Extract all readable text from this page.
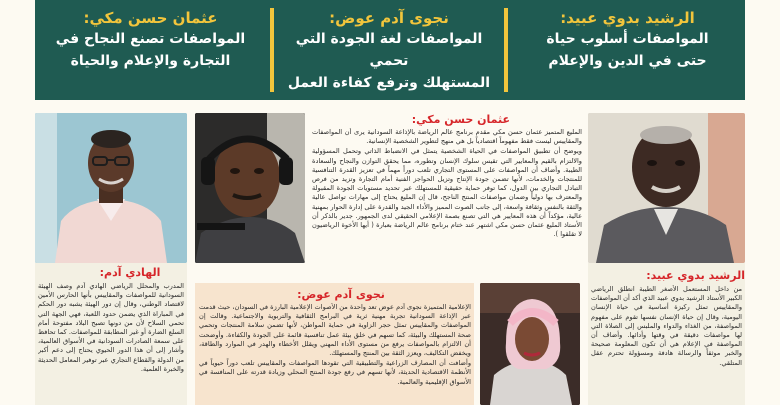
الرشيد بدوي عبيد:
المواصفات أسلوب حياة
حتى في الدين والإعلام
نجوى آدم عوض:
المواصفات لغة الجودة التي تحمي
المستهلك وترفع كفاءة العمل
عثمان حسن مكي:
المواصفات تصنع النجاح في
التجارة والإعلام والحياة
عثمان حسن مكي:

المليع المتميز عثمان حسن مكي مقدم برنامج عالم الرياضة بالإذاعة السودانية يرى أن المواصفات والمقاييس ليست فقط مفهوماً اقتصادياً بل هي منهج لتطوير الشخصية الإنسانية.

ويوضح أن تطبيق المواصفات في الحياة الشخصية يتمثل في الانضباط الذاتي وتحمل المسؤولية والالتزام بالقيم والمعايير التي تقيس سلوك الإنسان وتطوره، مما يحقق التوازن والنجاح والسعادة الطيبة. وأضاف أن المواصفات على المستوى التجاري تلعب دوراً مهماً في تعزيز القدرة التنافسية للمنتجات والخدمات، لأنها تضمن جودة الإنتاج وتزيل الحواجز الفنية أمام التجارة وتزيد من فرص التبادل التجاري بين الدول، كما توفر حماية حقيقية للمستهلك عبر تحديد مستويات الجودة المقبولة والمعترف بها دولياً وضمان مواصفات المنتج الناجح، قال إن المليع يحتاج إلى مهارات تواصل عالية والثقة بالنفس وثقافة واسعة، إلى جانب الصوت المميز والأداء الجيد والقدرة على إدارة الحوار بمهنية عالية، مؤكداً أن هذه المعايير هي التي تصنع بصمة الإعلامي الحقيقي لدى الجمهور. جدير بالذكر أن الأستاذ المليع عثمان حسن مكي اشتهر عند ختام برنامج عالم الرياضة بعبارة ( أيها الأخوة الرياضيون لا تقلقوا ).

الهادي آدم:

المدرب والمحلل الرياضي الهادي آدم وصف الهيئة السودانية للمواصفات والمقاييس بأنها الحارس الأمين لاقتصاد الوطني، وقال إن دور الهيئة يشبه دور الحكم في المباراة الذي يضمن حدود اللعبة، فهي الجهة التي تحمي السلاح لأن من دونها تصبح البلاد مفتوحة أمام السلع الضارة أو غير المطابقة للمواصفات. كما تحافظ على سمعة الصادرات السودانية في الأسواق العالمية، وأشار إلى أن هذا الدور الحيوي يحتاج إلى دعم أكبر من الدولة والقطاع التجاري عبر توفير المعامل الحديثة والخبرة العلمية.

نجوى آدم عوض:

الإعلامية المتميزة نجوى آدم عوض تعد واحدة من الأصوات الإعلامية البارزة في السودان، حيث قدمت عبر الإذاعة السودانية تجربة مهنية ثرية في البرامج الثقافية والتربوية والاجتماعية. وقالت إن المواصفات والمقاييس تمثل حجر الزاوية في حماية المواطن، لأنها تضمن سلامة المنتجات وتحمي صحة المستهلك والبيئة، كما تسهم في خلق بيئة عمل تنافسية قائمة على الجودة والكفاءة. وأوضحت أن الالتزام بالمواصفات يرفع من مستوى الأداء المهني ويقلل الأخطاء والهدر في الموارد والطاقة، ويخفض التكاليف، ويعزز الثقة بين المنتج والمستهلك.

وأضافت أن المصارف الزراعية والتطبيقية التي تقودها المواصفات والمقاييس تلعب دوراً حيوياً في الأنظمة الاقتصادية الحديثة، لأنها تسهم في رفع جودة المنتج المحلي وزيادة قدرته على المنافسة في الأسواق الإقليمية والعالمية.

الرشيد بدوي عبيد:

من داخل المستعمل الأصغر الطيبة انطلق الرياضي الكبير الأستاذ الرشيد بدوي عبيد الذي أكد أن المواصفات والمقاييس تمثل ركيزة أساسية في حياة الإنسان اليومية، وقال إن حياة الإنسان نفسها تقوم على مفهوم المواصفة، من الغذاء والدواء والملبس إلى الصلاة التي لها مواصفات دقيقة في وقتها وأدائها. وأضاف أن المواصفة في الإعلام هي أن تكون المعلومة صحيحة والخبر موثقاً والرسالة هادفة ومسؤولة تحترم عقل المتلقي.
